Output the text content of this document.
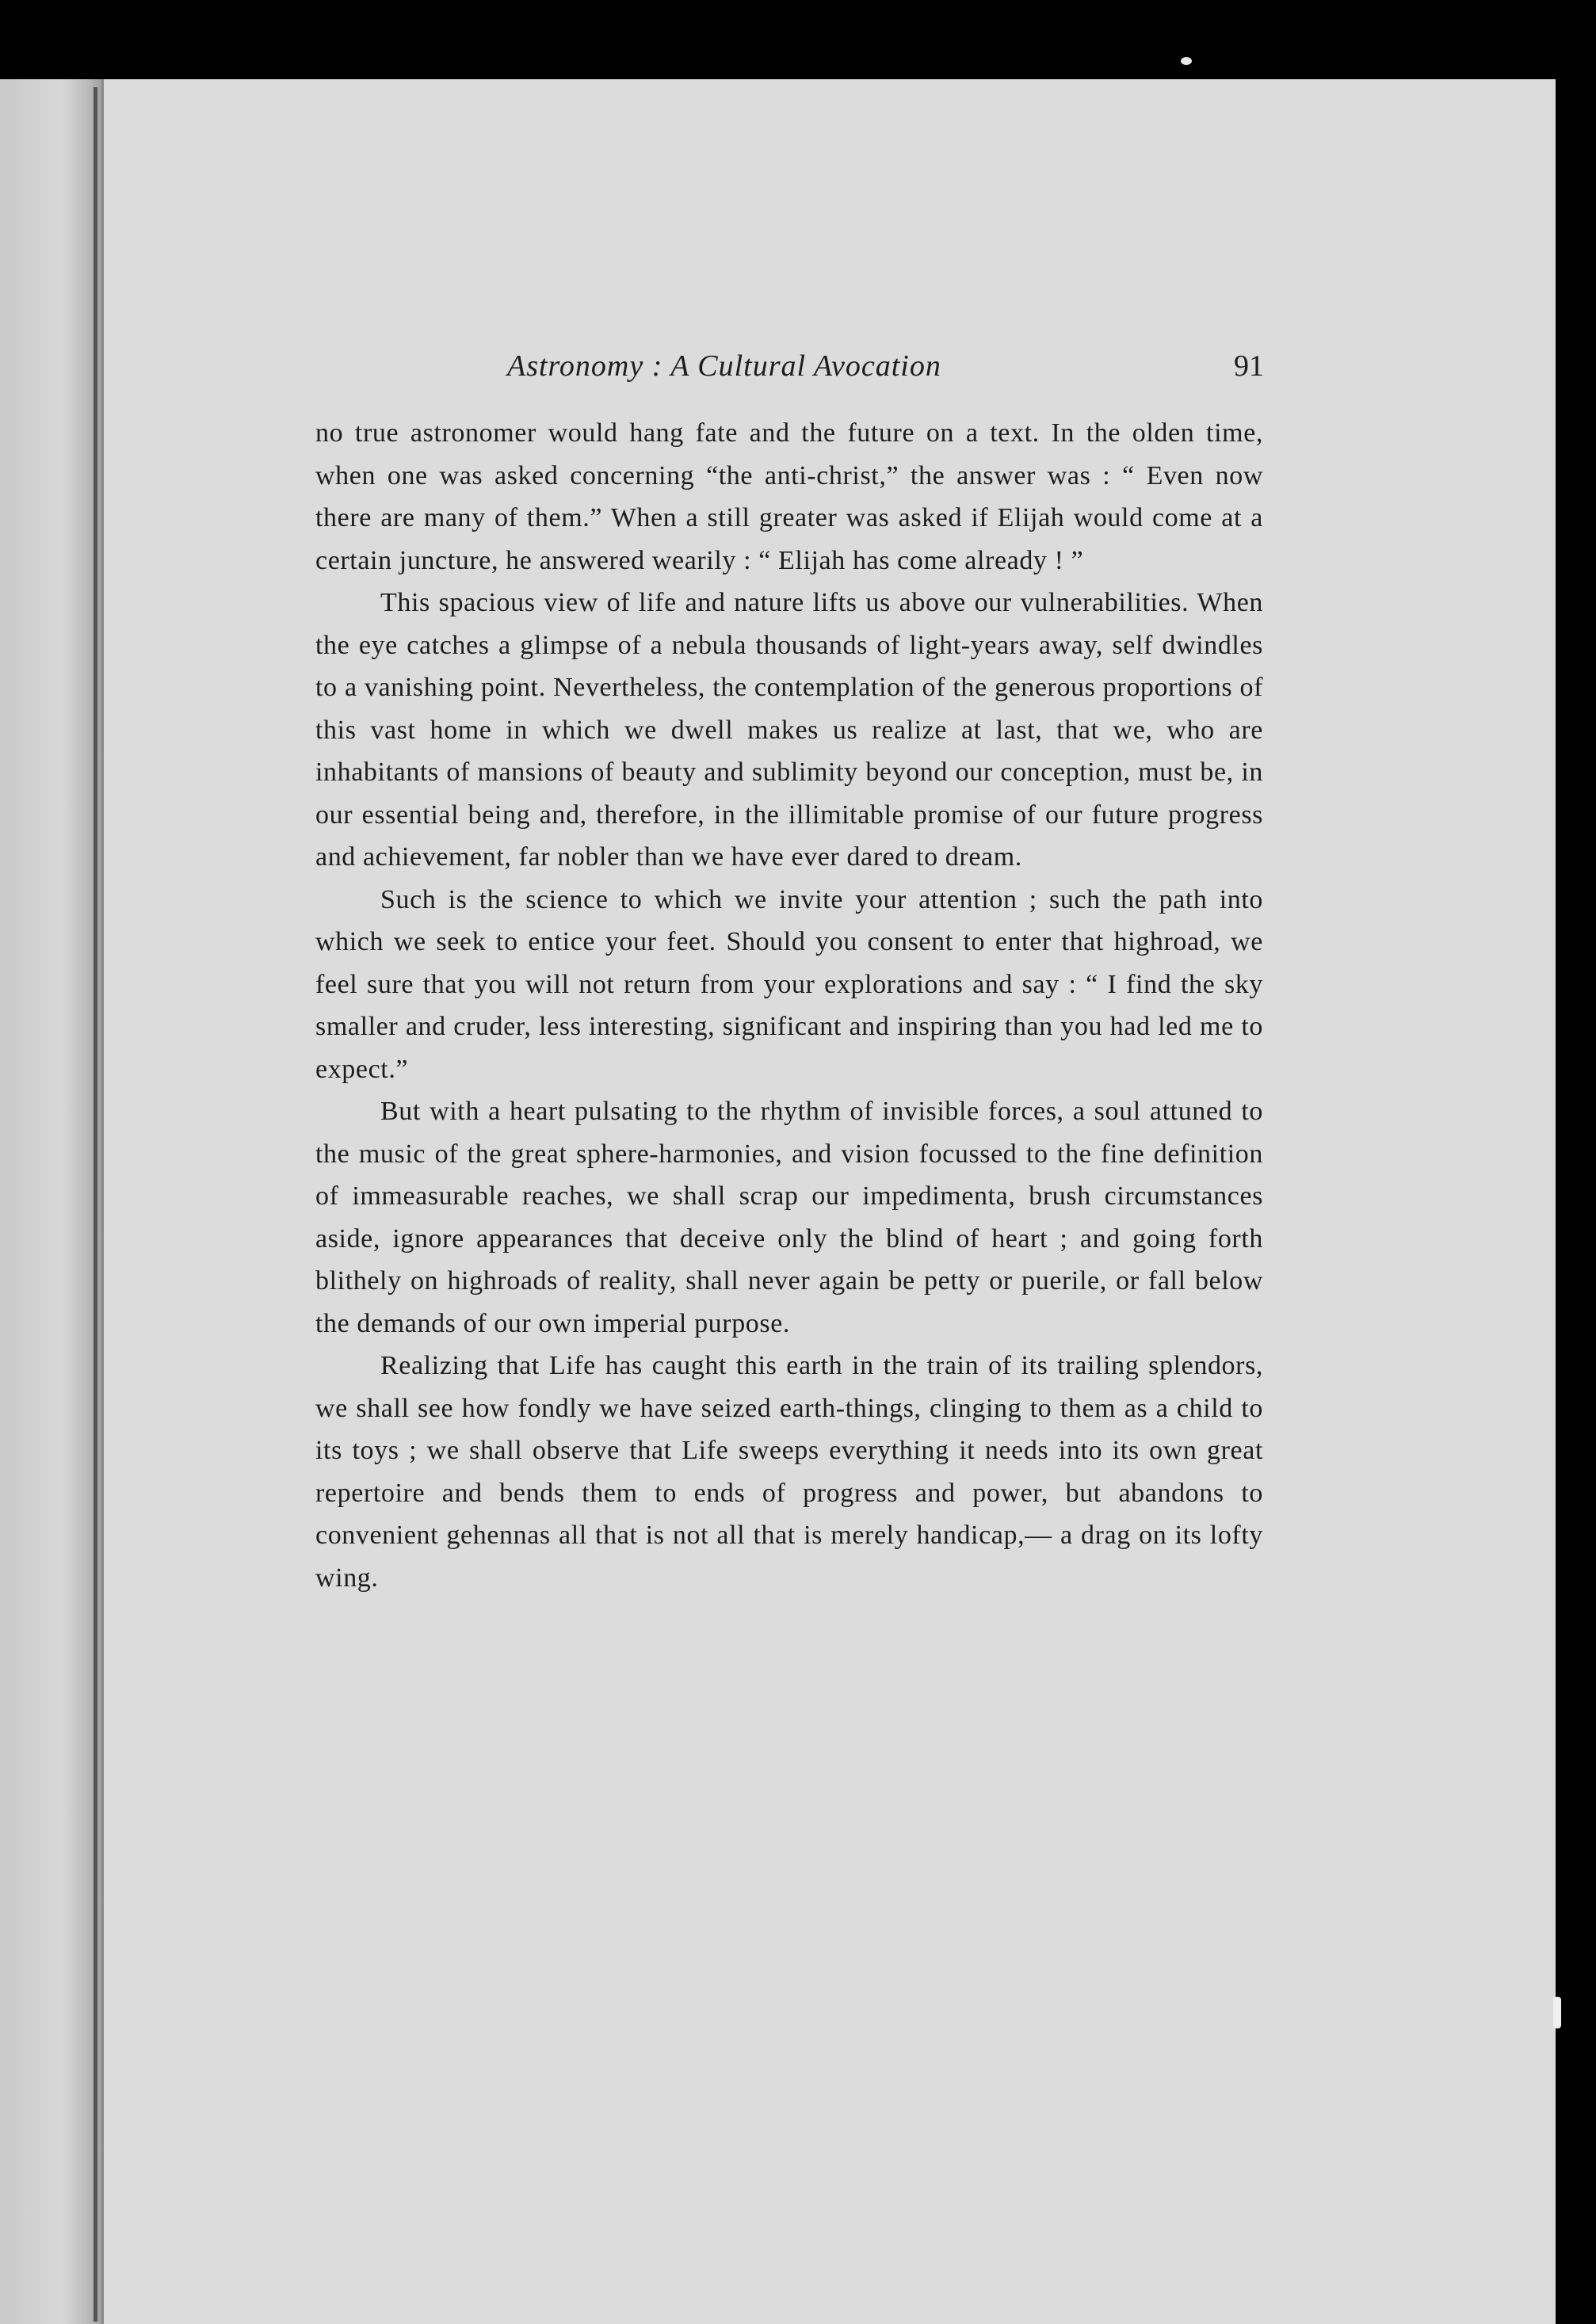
Astronomy : A Cultural Avocation	91

no true astronomer would hang fate and the future on a text. In the olden time, when one was asked concerning “the anti-christ,” the answer was : “ Even now there are many of them.” When a still greater was asked if Elijah would come at a certain juncture, he answered wearily : “ Elijah has come already ! ”

This spacious view of life and nature lifts us above our vulnerabilities. When the eye catches a glimpse of a nebula thousands of light-years away, self dwindles to a vanishing point. Nevertheless, the contemplation of the generous proportions of this vast home in which we dwell makes us realize at last, that we, who are inhabitants of mansions of beauty and sublimity beyond our conception, must be, in our essential being and, therefore, in the illimitable promise of our future progress and achievement, far nobler than we have ever dared to dream.

Such is the science to which we invite your attention ; such the path into which we seek to entice your feet. Should you consent to enter that highroad, we feel sure that you will not return from your explorations and say : “ I find the sky smaller and cruder, less interesting, significant and inspiring than you had led me to expect.”

But with a heart pulsating to the rhythm of invisible forces, a soul attuned to the music of the great sphere-harmonies, and vision focussed to the fine definition of immeasurable reaches, we shall scrap our impedimenta, brush circumstances aside, ignore appearances that deceive only the blind of heart ; and going forth blithely on highroads of reality, shall never again be petty or puerile, or fall below the demands of our own imperial purpose.

Realizing that Life has caught this earth in the train of its trailing splendors, we shall see how fondly we have seized earth-things, clinging to them as a child to its toys ; we shall observe that Life sweeps everything it needs into its own great repertoire and bends them to ends of progress and power, but abandons to convenient gehennas all that is not all that is merely handicap,— a drag on its lofty wing.
